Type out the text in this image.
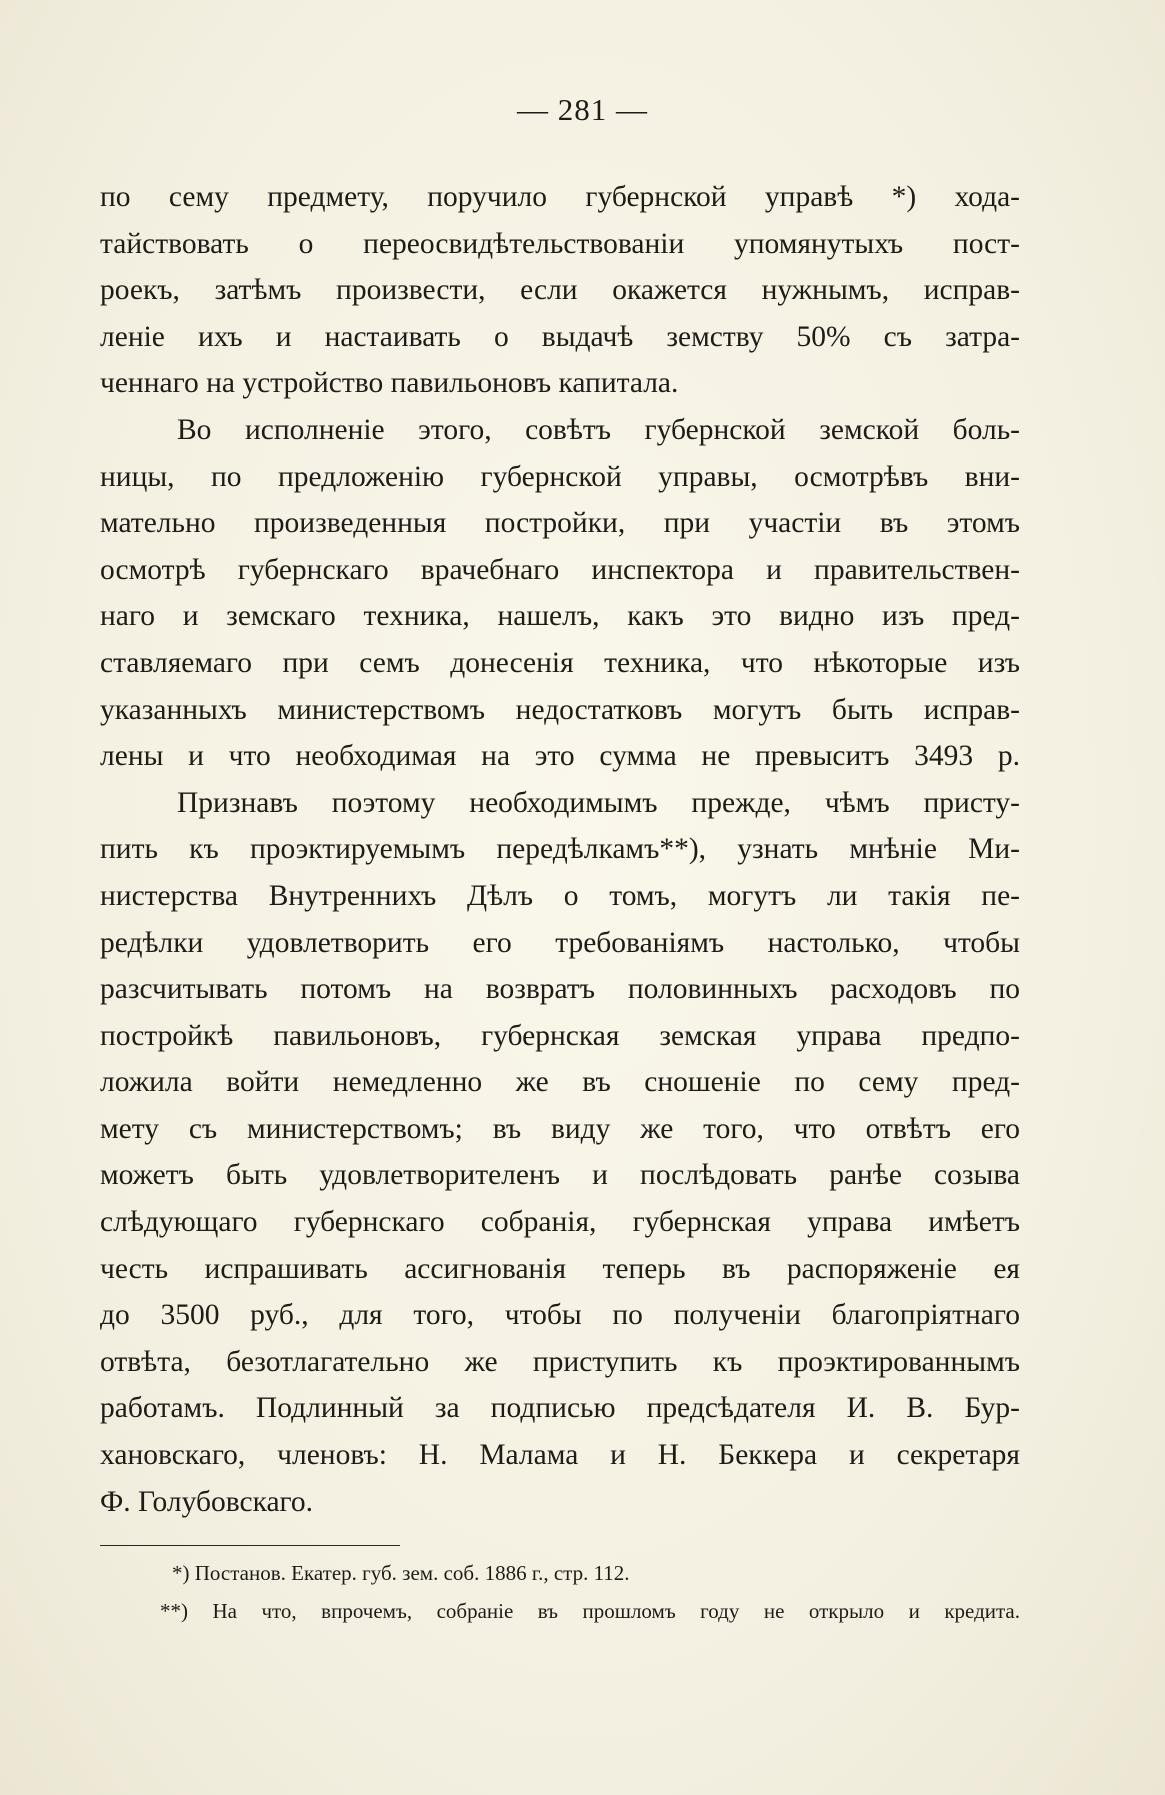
— 281 —
по сему предмету, поручило губернской управѣ *) хода-
тайствовать о переосвидѣтельствованіи упомянутыхъ пост-
роекъ, затѣмъ произвести, если окажется нужнымъ, исправ-
леніе ихъ и настаивать о выдачѣ земству 50% съ затра-
ченнаго на устройство павильоновъ капитала.
Во исполненіе этого, совѣтъ губернской земской боль-
ницы, по предложенію губернской управы, осмотрѣвъ вни-
мательно произведенныя постройки, при участіи въ этомъ
осмотрѣ губернскаго врачебнаго инспектора и правительствен-
наго и земскаго техника, нашелъ, какъ это видно изъ пред-
ставляемаго при семъ донесенія техника, что нѣкоторые изъ
указанныхъ министерствомъ недостатковъ могутъ быть исправ-
лены и что необходимая на это сумма не превыситъ 3493 р.
Признавъ поэтому необходимымъ прежде, чѣмъ присту-
пить къ проэктируемымъ передѣлкамъ**), узнать мнѣніе Ми-
нистерства Внутреннихъ Дѣлъ о томъ, могутъ ли такія пе-
редѣлки удовлетворить его требованіямъ настолько, чтобы
разсчитывать потомъ на возвратъ половинныхъ расходовъ по
постройкѣ павильоновъ, губернская земская управа предпо-
ложила войти немедленно же въ сношеніе по сему пред-
мету съ министерствомъ; въ виду же того, что отвѣтъ его
можетъ быть удовлетворителенъ и послѣдовать ранѣе созыва
слѣдующаго губернскаго собранія, губернская управа имѣетъ
честь испрашивать ассигнованія теперь въ распоряженіе ея
до 3500 руб., для того, чтобы по полученіи благопріятнаго
отвѣта, безотлагательно же приступить къ проэктированнымъ
работамъ. Подлинный за подписью предсѣдателя И. В. Бур-
хановскаго, членовъ: Н. Малама и Н. Беккера и секретаря
Ф. Голубовскаго.
*) Постанов. Екатер. губ. зем. соб. 1886 г., стр. 112.
**) На что, впрочемъ, собраніе въ прошломъ году не открыло и кредита.
